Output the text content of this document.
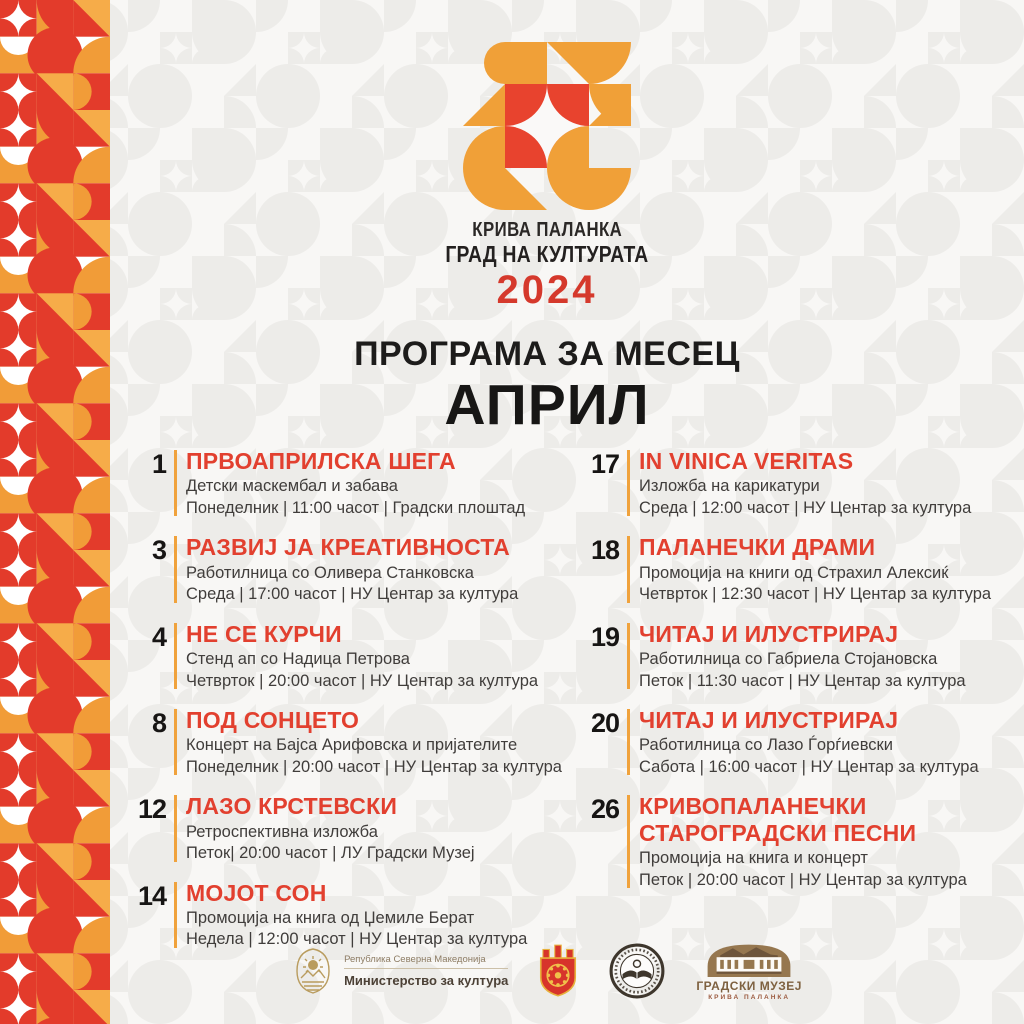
КРИВА ПАЛАНКА
ГРАД НА КУЛТУРАТА
2024
ПРОГРАМА ЗА МЕСЕЦ
АПРИЛ
1 ПРВОАПРИЛСКА ШЕГА
Детски маскембал и забава
Понеделник | 11:00 часот | Градски плоштад
3 РАЗВИЈ ЈА КРЕАТИВНОСТА
Работилница со Оливера Станковска
Среда | 17:00 часот | НУ Центар за култура
4 НЕ СЕ КУРЧИ
Стенд ап со Надица Петрова
Четврток | 20:00 часот | НУ Центар за култура
8 ПОД СОНЦЕТО
Концерт на Бајса Арифовска и пријателите
Понеделник | 20:00 часот | НУ Центар за култура
12 ЛАЗО КРСТЕВСКИ
Ретроспективна изложба
Петок| 20:00 часот | ЛУ Градски Музеј
14 МОЈОТ СОН
Промоција на книга од Џемиле Берат
Недела | 12:00 часот | НУ Центар за култура
17 IN VINICA VERITAS
Изложба на карикатури
Среда | 12:00 часот | НУ Центар за култура
18 ПАЛАНЕЧКИ ДРАМИ
Промоција на книги од Страхил Алексиќ
Четврток | 12:30 часот | НУ Центар за култура
19 ЧИТАЈ И ИЛУСТРИРАЈ
Работилница со Габриела Стојановска
Петок | 11:30 часот | НУ Центар за култура
20 ЧИТАЈ И ИЛУСТРИРАЈ
Работилница со Лазо Ѓорѓиевски
Сабота | 16:00 часот | НУ Центар за култура
26 КРИВОПАЛАНЕЧКИ СТАРОГРАДСКИ ПЕСНИ
Промоција на книга и концерт
Петок | 20:00 часот | НУ Центар за култура
Република Северна Македонија
Министерство за култура	ГРАДСКИ МУЗЕЈ
КРИВА ПАЛАНКА
